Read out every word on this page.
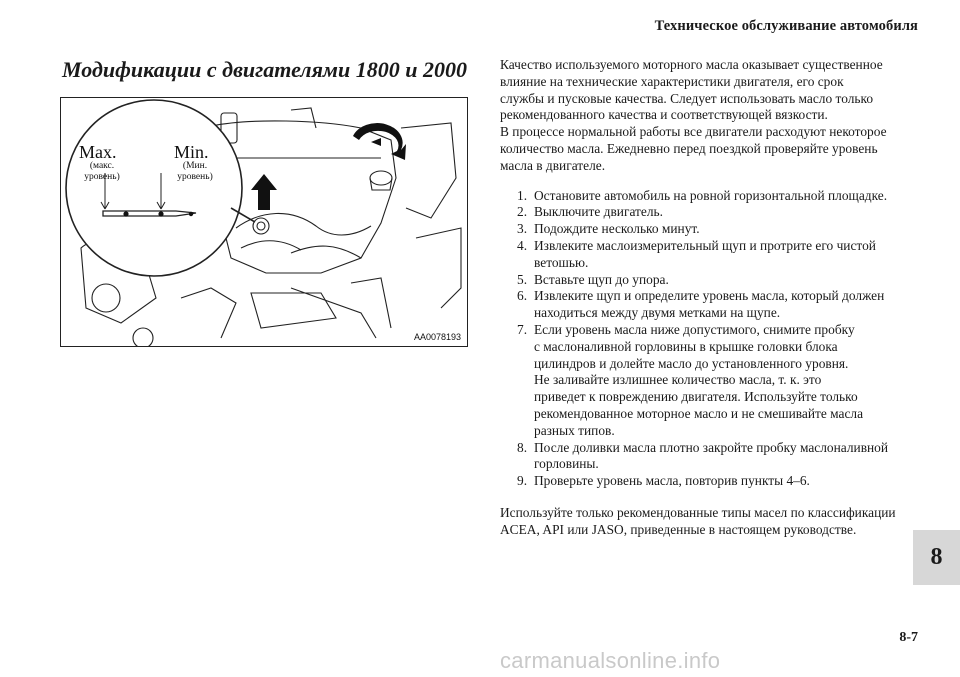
Техническое обслуживание автомобиля
Модификации с двигателями 1800 и 2000
Max.
(макс.
уровень)
Min.
(Мин.
уровень)
AA0078193

Качество используемого моторного масла оказывает существенное

влияние на технические характеристики двигателя, его срок

службы и пусковые качества. Следует использовать масло только

рекомендованного качества и соответствующей вязкости.

В процессе нормальной работы все двигатели расходуют некоторое

количество масла. Ежедневно перед поездкой проверяйте уровень

масла в двигателе.

1. Остановите автомобиль на ровной горизонтальной площадке.
2. Выключите двигатель.
3. Подождите несколько минут.
4. Извлеките маслоизмерительный щуп и протрите его чистой
ветошью.
5. Вставьте щуп до упора.
6. Извлеките щуп и определите уровень масла, который должен
находиться между двумя метками на щупе.
7. Если уровень масла ниже допустимого, снимите пробку
с маслоналивной горловины в крышке головки блока
цилиндров и долейте масло до установленного уровня.
Не заливайте излишнее количество масла, т. к. это
приведет к повреждению двигателя. Используйте только
рекомендованное моторное масло и не смешивайте масла
разных типов.
8. После доливки масла плотно закройте пробку маслоналивной
горловины.
9. Проверьте уровень масла, повторив пункты 4–6.
Используйте только рекомендованные типы масел по классификации
ACEA, API или JASO, приведенные в настоящем руководстве.
8
8-7
carmanualsonline.info
